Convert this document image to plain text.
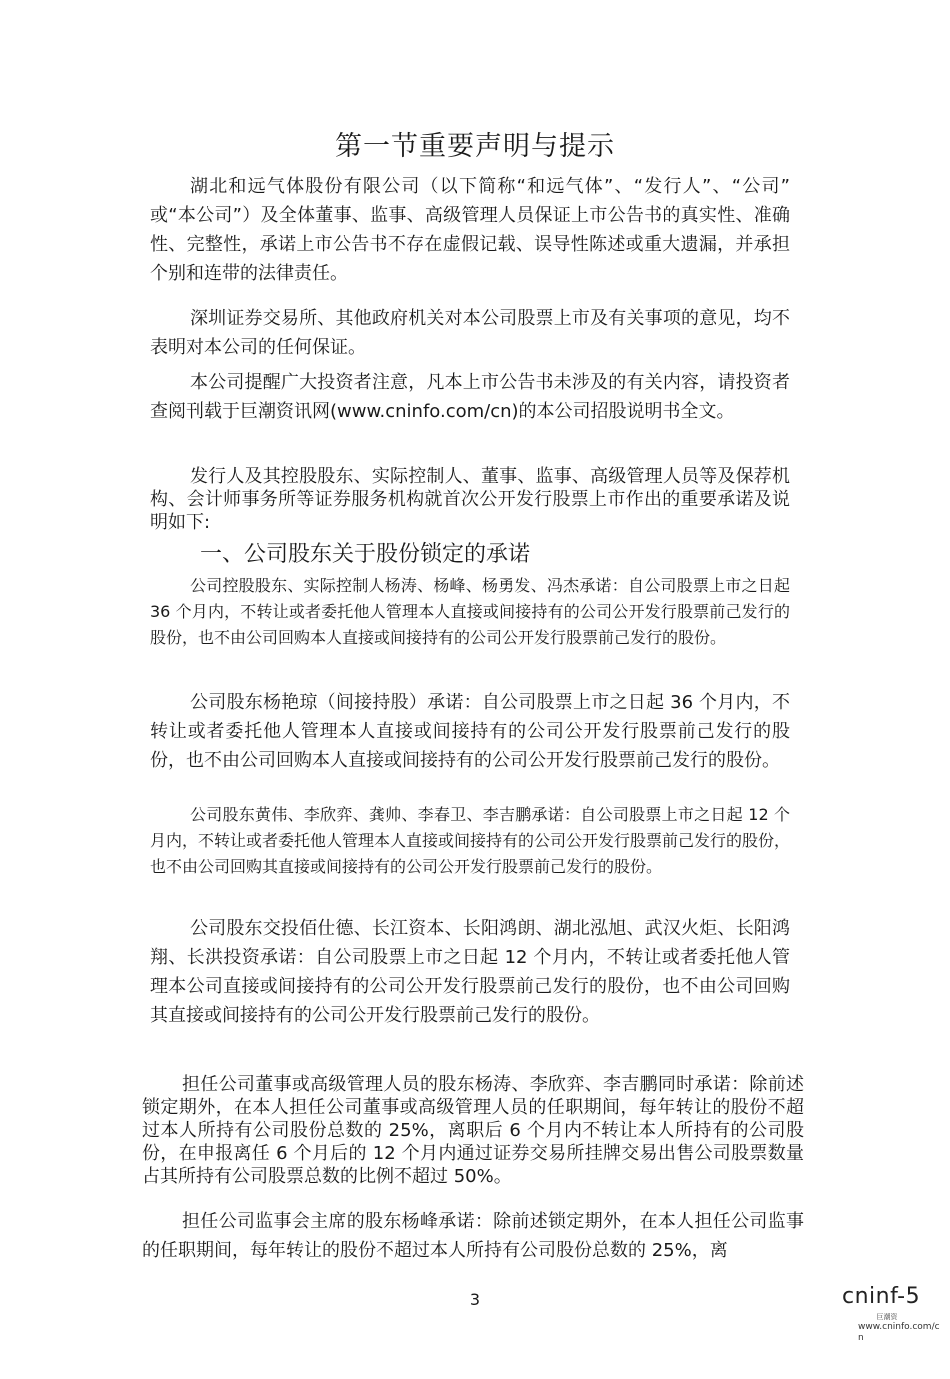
第一节重要声明与提示

湖北和远气体股份有限公司（以下简称“和远气体”、“发行人”、“公司” 或“本公司”）及全体董事、监事、高级管理人员保证上市公告书的真实性、准确性、完整性，承诺上市公告书不存在虚假记载、误导性陈述或重大遗漏，并承担个别和连带的法律责任。

深圳证券交易所、其他政府机关对本公司股票上市及有关事项的意见，均不表明对本公司的任何保证。

本公司提醒广大投资者注意，凡本上市公告书未涉及的有关内容，请投资者查阅刊载于巨潮资讯网(www.cninfo.com/cn)的本公司招股说明书全文。

发行人及其控股股东、实际控制人、董事、监事、高级管理人员等及保荐机构、会计师事务所等证券服务机构就首次公开发行股票上市作出的重要承诺及说明如下:

一、公司股东关于股份锁定的承诺

公司控股股东、实际控制人杨涛、杨峰、杨勇发、冯杰承诺：自公司股票上市之日起 36 个月内，不转让或者委托他人管理本人直接或间接持有的公司公开发行股票前己发行的股份，也不由公司回购本人直接或间接持有的公司公开发行股票前己发行的股份。

公司股东杨艳琼（间接持股）承诺：自公司股票上市之日起 36 个月内，不转让或者委托他人管理本人直接或间接持有的公司公开发行股票前己发行的股份，也不由公司回购本人直接或间接持有的公司公开发行股票前己发行的股份。

公司股东黄伟、李欣弈、龚帅、李春卫、李吉鹏承诺：自公司股票上市之日起 12 个月内，不转让或者委托他人管理本人直接或间接持有的公司公开发行股票前己发行的股份，也不由公司回购其直接或间接持有的公司公开发行股票前己发行的股份。

公司股东交投佰仕德、长江资本、长阳鸿朗、湖北泓旭、武汉火炬、长阳鸿翔、长洪投资承诺：自公司股票上市之日起 12 个月内，不转让或者委托他人管理本公司直接或间接持有的公司公开发行股票前己发行的股份，也不由公司回购其直接或间接持有的公司公开发行股票前己发行的股份。

担任公司董事或高级管理人员的股东杨涛、李欣弈、李吉鹏同时承诺：除前述锁定期外，在本人担任公司董事或高级管理人员的任职期间，每年转让的股份不超过本人所持有公司股份总数的 25%，离职后 6 个月内不转让本人所持有的公司股份，在申报离任 6 个月后的 12 个月内通过证券交易所挂牌交易出售公司股票数量占其所持有公司股票总数的比例不超过 50%。

担任公司监事会主席的股东杨峰承诺：除前述锁定期外，在本人担任公司监事的任职期间，每年转让的股份不超过本人所持有公司股份总数的 25%，离

3	cninf-5
巨潮资
www.cninfo.com/cn
